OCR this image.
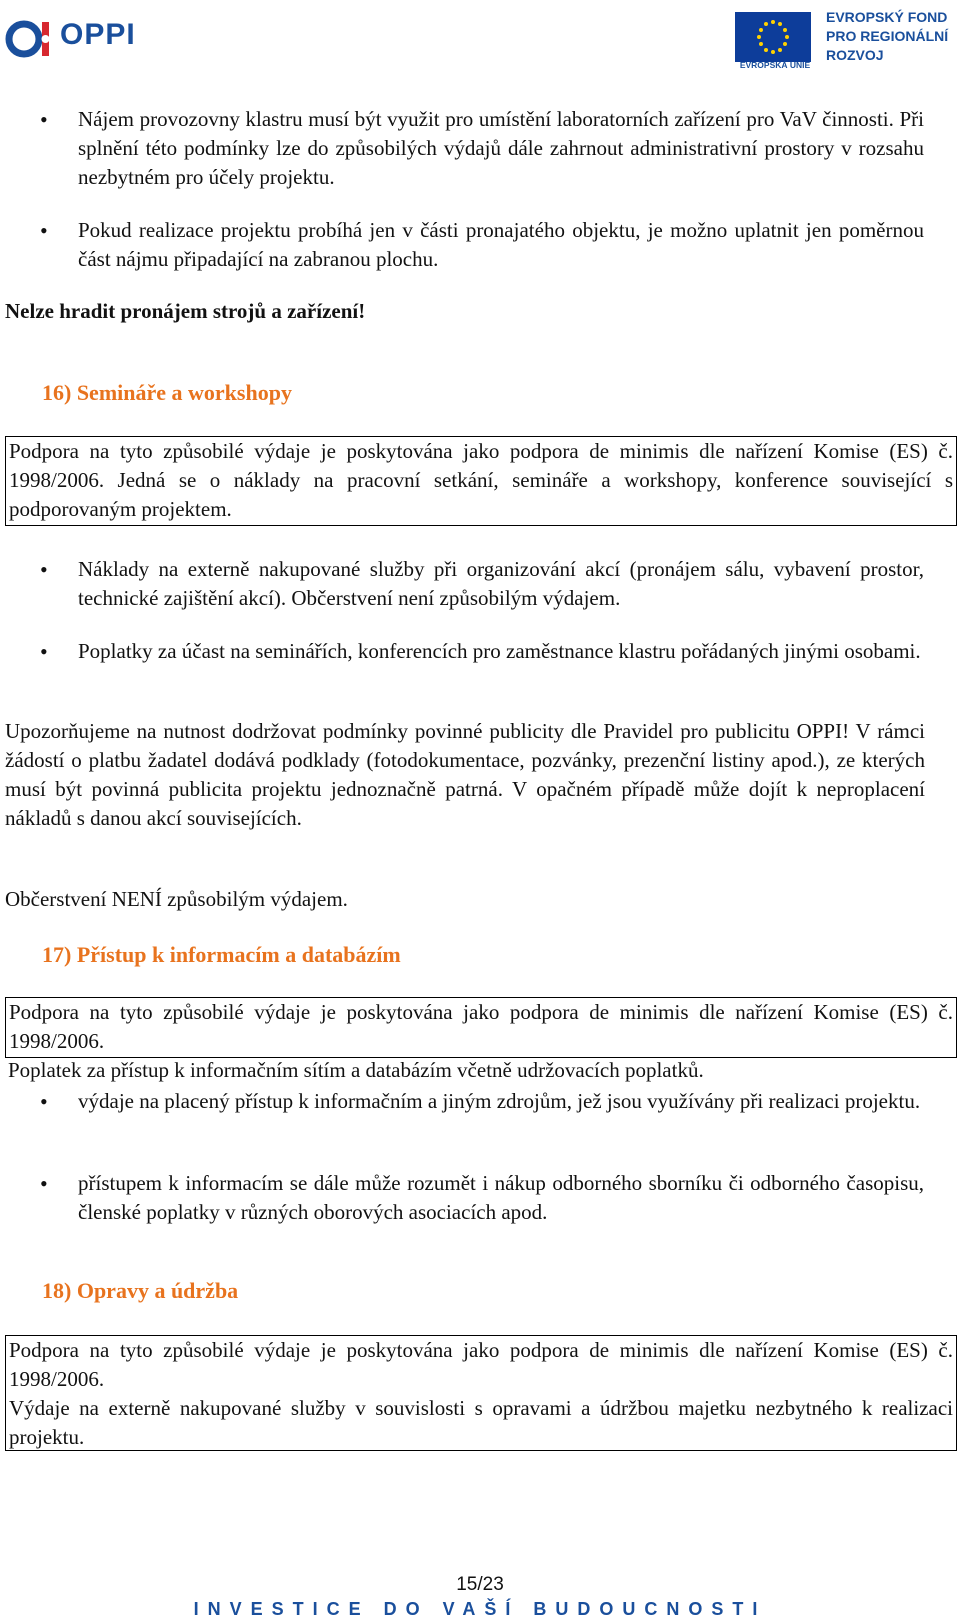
OPPI
EVROPSKÁ UNIE
EVROPSKÝ FOND
PRO REGIONÁLNÍ
ROZVOJ
• Nájem provozovny klastru musí být využit pro umístění laboratorních zařízení pro VaV činnosti. Při splnění této podmínky lze do způsobilých výdajů dále zahrnout administrativní prostory v rozsahu nezbytném pro účely projektu.
• Pokud realizace projektu probíhá jen v části pronajatého objektu, je možno uplatnit jen poměrnou část nájmu připadající na zabranou plochu.
Nelze hradit pronájem strojů a zařízení!
16) Semináře a workshopy
Podpora na tyto způsobilé výdaje je poskytována jako podpora de minimis dle nařízení Komise (ES) č. 1998/2006. Jedná se o náklady na pracovní setkání, semináře a workshopy, konference související s podporovaným projektem.
• Náklady na externě nakupované služby při organizování akcí (pronájem sálu, vybavení prostor, technické zajištění akcí). Občerstvení není způsobilým výdajem.
• Poplatky za účast na seminářích, konferencích pro zaměstnance klastru pořádaných jinými osobami.
Upozorňujeme na nutnost dodržovat podmínky povinné publicity dle Pravidel pro publicitu OPPI! V rámci žádostí o platbu žadatel dodává podklady (fotodokumentace, pozvánky, prezenční listiny apod.), ze kterých musí být povinná publicita projektu jednoznačně patrná. V opačném případě může dojít k neproplacení nákladů s danou akcí souvisejících.
Občerstvení NENÍ způsobilým výdajem.
17) Přístup k informacím a databázím
Podpora na tyto způsobilé výdaje je poskytována jako podpora de minimis dle nařízení Komise (ES) č. 1998/2006.
Poplatek za přístup k informačním sítím a databázím včetně udržovacích poplatků.
• výdaje na placený přístup k informačním a jiným zdrojům, jež jsou využívány při realizaci projektu.
• přístupem k informacím se dále může rozumět i nákup odborného sborníku či odborného časopisu, členské poplatky v různých oborových asociacích apod.
18) Opravy a údržba
Podpora na tyto způsobilé výdaje je poskytována jako podpora de minimis dle nařízení Komise (ES) č. 1998/2006.
Výdaje na externě nakupované služby v souvislosti s opravami a údržbou majetku nezbytného k realizaci projektu.
15/23
INVESTICE DO VAŠÍ BUDOUCNOSTI
